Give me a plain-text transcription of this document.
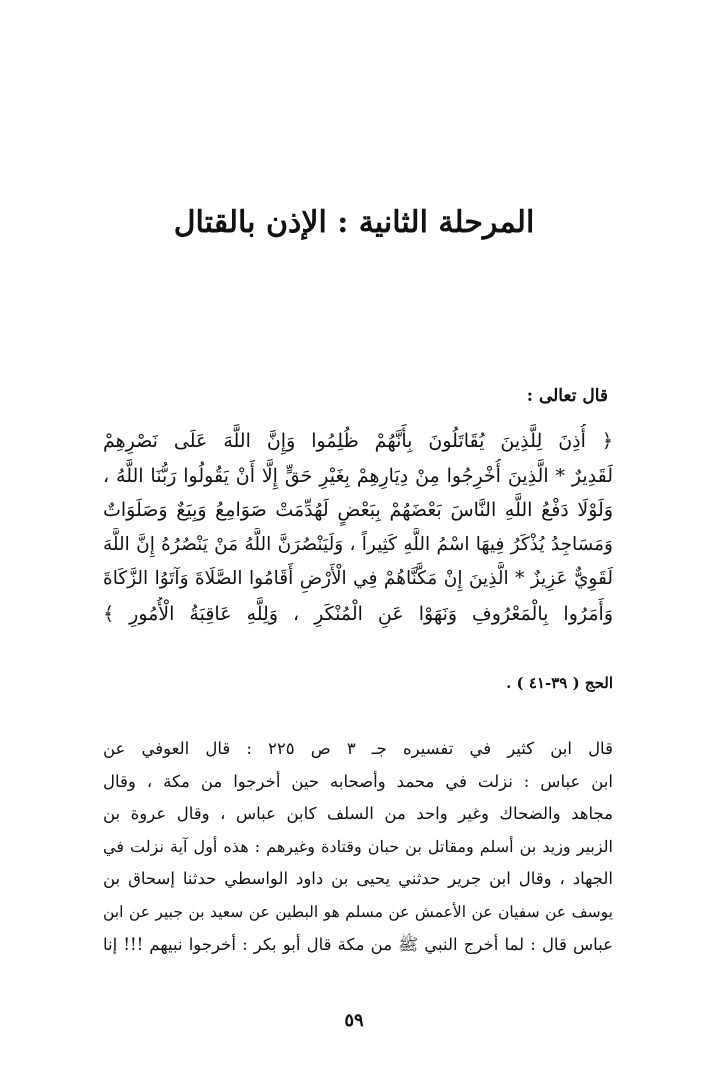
المرحلة الثانية : الإذن بالقتال
قال تعالى :
﴿ أُذِنَ لِلَّذِينَ يُقَاتَلُونَ بِأَنَّهُمْ ظُلِمُوا وَإِنَّ اللَّهَ عَلَى نَصْرِهِمْ
لَقَدِيرٌ * الَّذِينَ أُخْرِجُوا مِنْ دِيَارِهِمْ بِغَيْرِ حَقٍّ إِلَّا أَنْ يَقُولُوا رَبُّنَا اللَّهُ ،
وَلَوْلَا دَفْعُ اللَّهِ النَّاسَ بَعْضَهُمْ بِبَعْضٍ لَهُدِّمَتْ صَوَامِعُ وَبِيَعٌ وَصَلَوَاتٌ
وَمَسَاجِدُ يُذْكَرُ فِيهَا اسْمُ اللَّهِ كَثِيراً ، وَلَيَنْصُرَنَّ اللَّهُ مَنْ يَنْصُرُهُ إِنَّ اللَّهَ
لَقَوِيٌّ عَزِيزٌ * الَّذِينَ إِنْ مَكَّنَّاهُمْ فِي الْأَرْضِ أَقَامُوا الصَّلَاةَ وَآتَوُا الزَّكَاةَ
وَأَمَرُوا بِالْمَعْرُوفِ وَنَهَوْا عَنِ الْمُنْكَرِ ، وَلِلَّهِ عَاقِبَةُ الْأُمُورِ ﴾
الحج ( ٣٩-٤١ ) .
قال ابن كثير في تفسيره جـ ٣ ص ٢٢٥ : قال العوفي عن
ابن عباس : نزلت في محمد وأصحابه حين أخرجوا من مكة ، وقال
مجاهد والضحاك وغير واحد من السلف كابن عباس ، وقال عروة بن
الزبير وزيد بن أسلم ومقاتل بن حبان وقتادة وغيرهم : هذه أول آية نزلت في
الجهاد ، وقال ابن جرير حدثني يحيى بن داود الواسطي حدثنا إسحاق بن
يوسف عن سفيان عن الأعمش عن مسلم هو البطين عن سعيد بن جبير عن ابن
عباس قال : لما أخرج النبي ﷺ من مكة قال أبو بكر : أخرجوا نبيهم !!! إنا
٥٩
